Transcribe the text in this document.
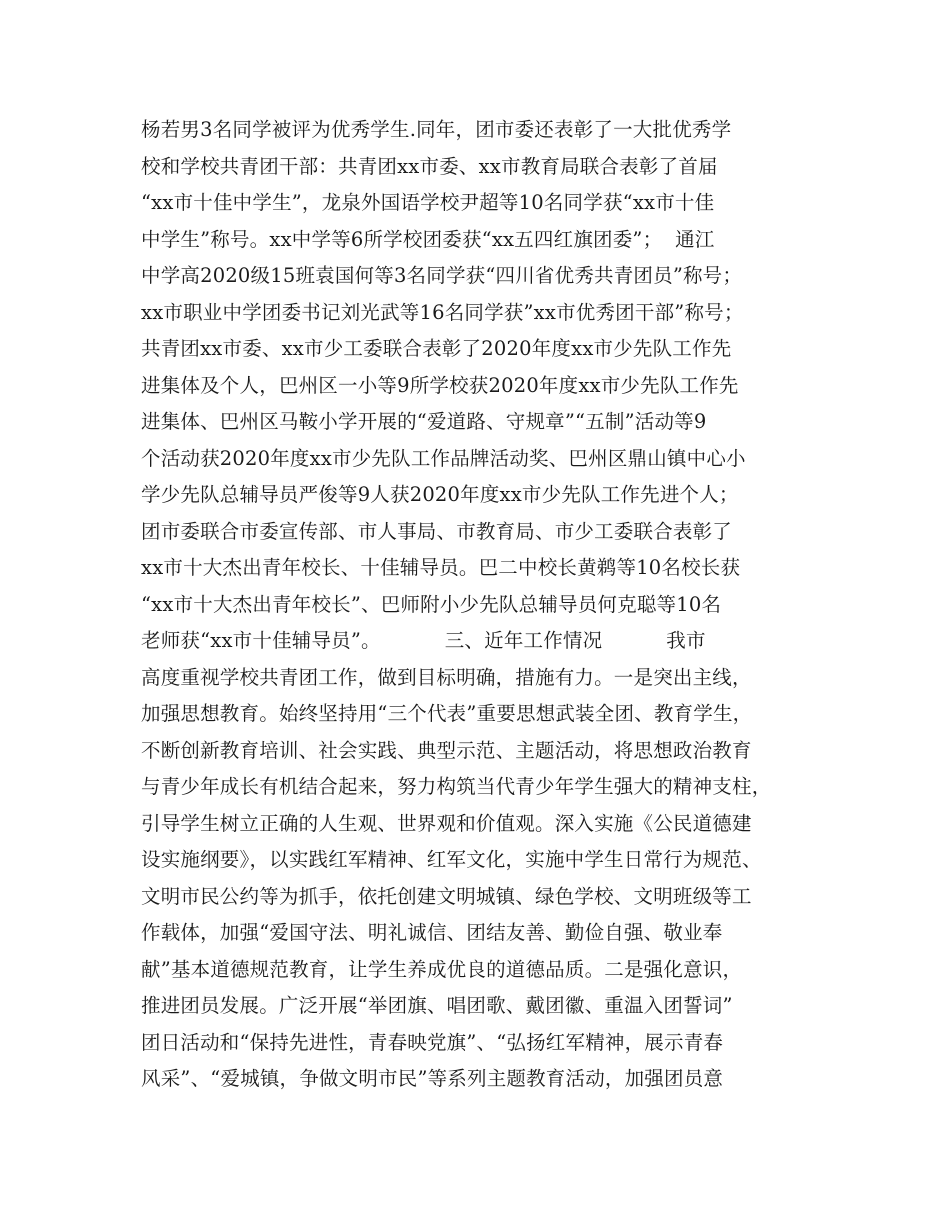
杨若男3名同学被评为优秀学生.同年，团市委还表彰了一大批优秀学
校和学校共青团干部：共青团xx市委、xx市教育局联合表彰了首届
“xx市十佳中学生”，龙泉外国语学校尹超等10名同学获“xx市十佳
中学生”称号。xx中学等6所学校团委获“xx五四红旗团委”；  通江
中学高2020级15班袁国何等3名同学获“四川省优秀共青团员”称号；
xx市职业中学团委书记刘光武等16名同学获”xx市优秀团干部”称号；
共青团xx市委、xx市少工委联合表彰了2020年度xx市少先队工作先
进集体及个人，巴州区一小等9所学校获2020年度xx市少先队工作先
进集体、巴州区马鞍小学开展的“爱道路、守规章”“五制”活动等9
个活动获2020年度xx市少先队工作品牌活动奖、巴州区鼎山镇中心小
学少先队总辅导员严俊等9人获2020年度xx市少先队工作先进个人；
团市委联合市委宣传部、市人事局、市教育局、市少工委联合表彰了
xx市十大杰出青年校长、十佳辅导员。巴二中校长黄鹈等10名校长获
“xx市十大杰出青年校长”、巴师附小少先队总辅导员何克聪等10名
老师获“xx市十佳辅导员”。          三、近年工作情况          我市
高度重视学校共青团工作，做到目标明确，措施有力。一是突出主线，
加强思想教育。始终坚持用“三个代表”重要思想武装全团、教育学生，
不断创新教育培训、社会实践、典型示范、主题活动，将思想政治教育
与青少年成长有机结合起来，努力构筑当代青少年学生强大的精神支柱，
引导学生树立正确的人生观、世界观和价值观。深入实施《公民道德建
设实施纲要》，以实践红军精神、红军文化，实施中学生日常行为规范、
文明市民公约等为抓手，依托创建文明城镇、绿色学校、文明班级等工
作载体，加强“爱国守法、明礼诚信、团结友善、勤俭自强、敬业奉
献”基本道德规范教育，让学生养成优良的道德品质。二是强化意识，
推进团员发展。广泛开展“举团旗、唱团歌、戴团徽、重温入团誓词”
团日活动和“保持先进性，青春映党旗”、“弘扬红军精神，展示青春
风采”、“爱城镇，争做文明市民”等系列主题教育活动，加强团员意
